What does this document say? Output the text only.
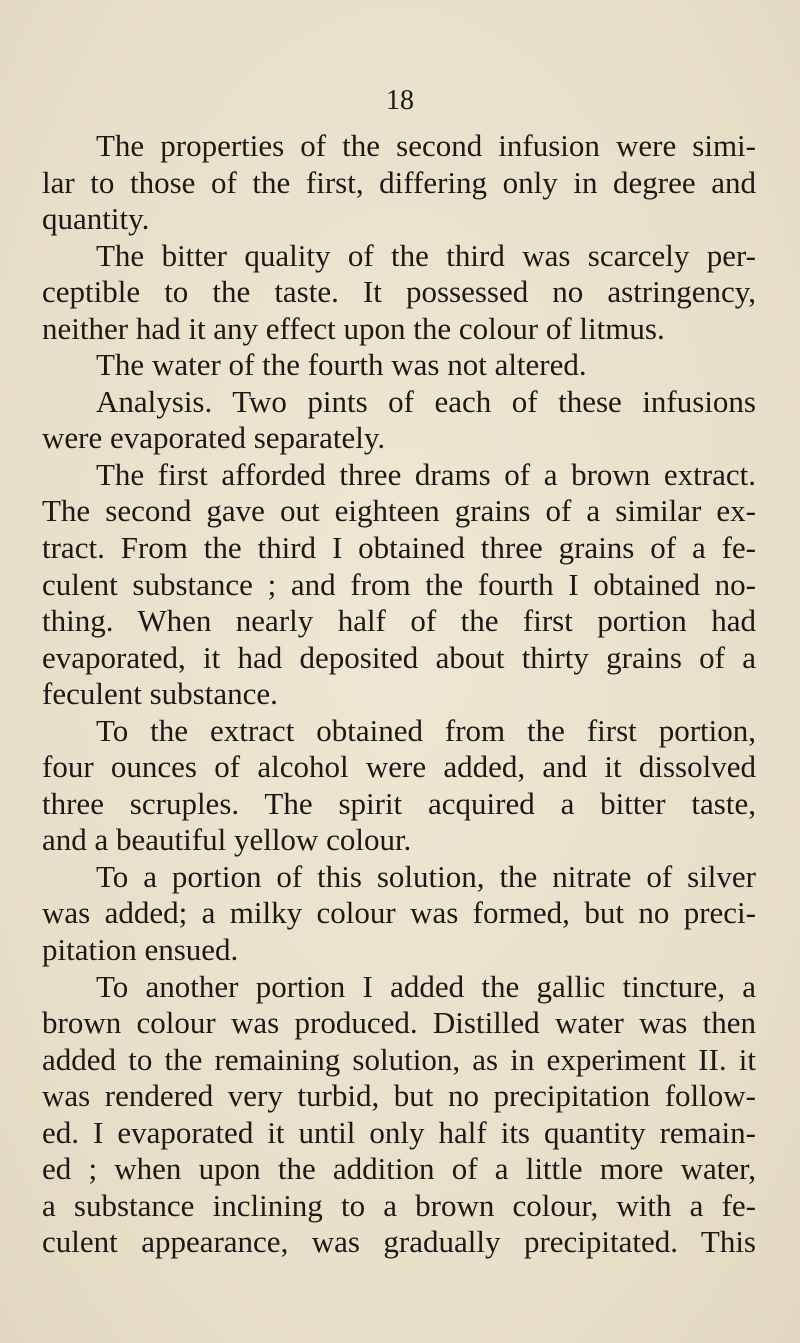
18
The properties of the second infusion were simi-
lar to those of the first, differing only in degree and
quantity.
The bitter quality of the third was scarcely per-
ceptible to the taste. It possessed no astringency,
neither had it any effect upon the colour of litmus.
The water of the fourth was not altered.
Analysis. Two pints of each of these infusions
were evaporated separately.
The first afforded three drams of a brown extract.
The second gave out eighteen grains of a similar ex-
tract. From the third I obtained three grains of a fe-
culent substance ; and from the fourth I obtained no-
thing. When nearly half of the first portion had
evaporated, it had deposited about thirty grains of a
feculent substance.
To the extract obtained from the first portion,
four ounces of alcohol were added, and it dissolved
three scruples. The spirit acquired a bitter taste,
and a beautiful yellow colour.
To a portion of this solution, the nitrate of silver
was added; a milky colour was formed, but no preci-
pitation ensued.
To another portion I added the gallic tincture, a
brown colour was produced. Distilled water was then
added to the remaining solution, as in experiment II. it
was rendered very turbid, but no precipitation follow-
ed. I evaporated it until only half its quantity remain-
ed ; when upon the addition of a little more water,
a substance inclining to a brown colour, with a fe-
culent appearance, was gradually precipitated. This
